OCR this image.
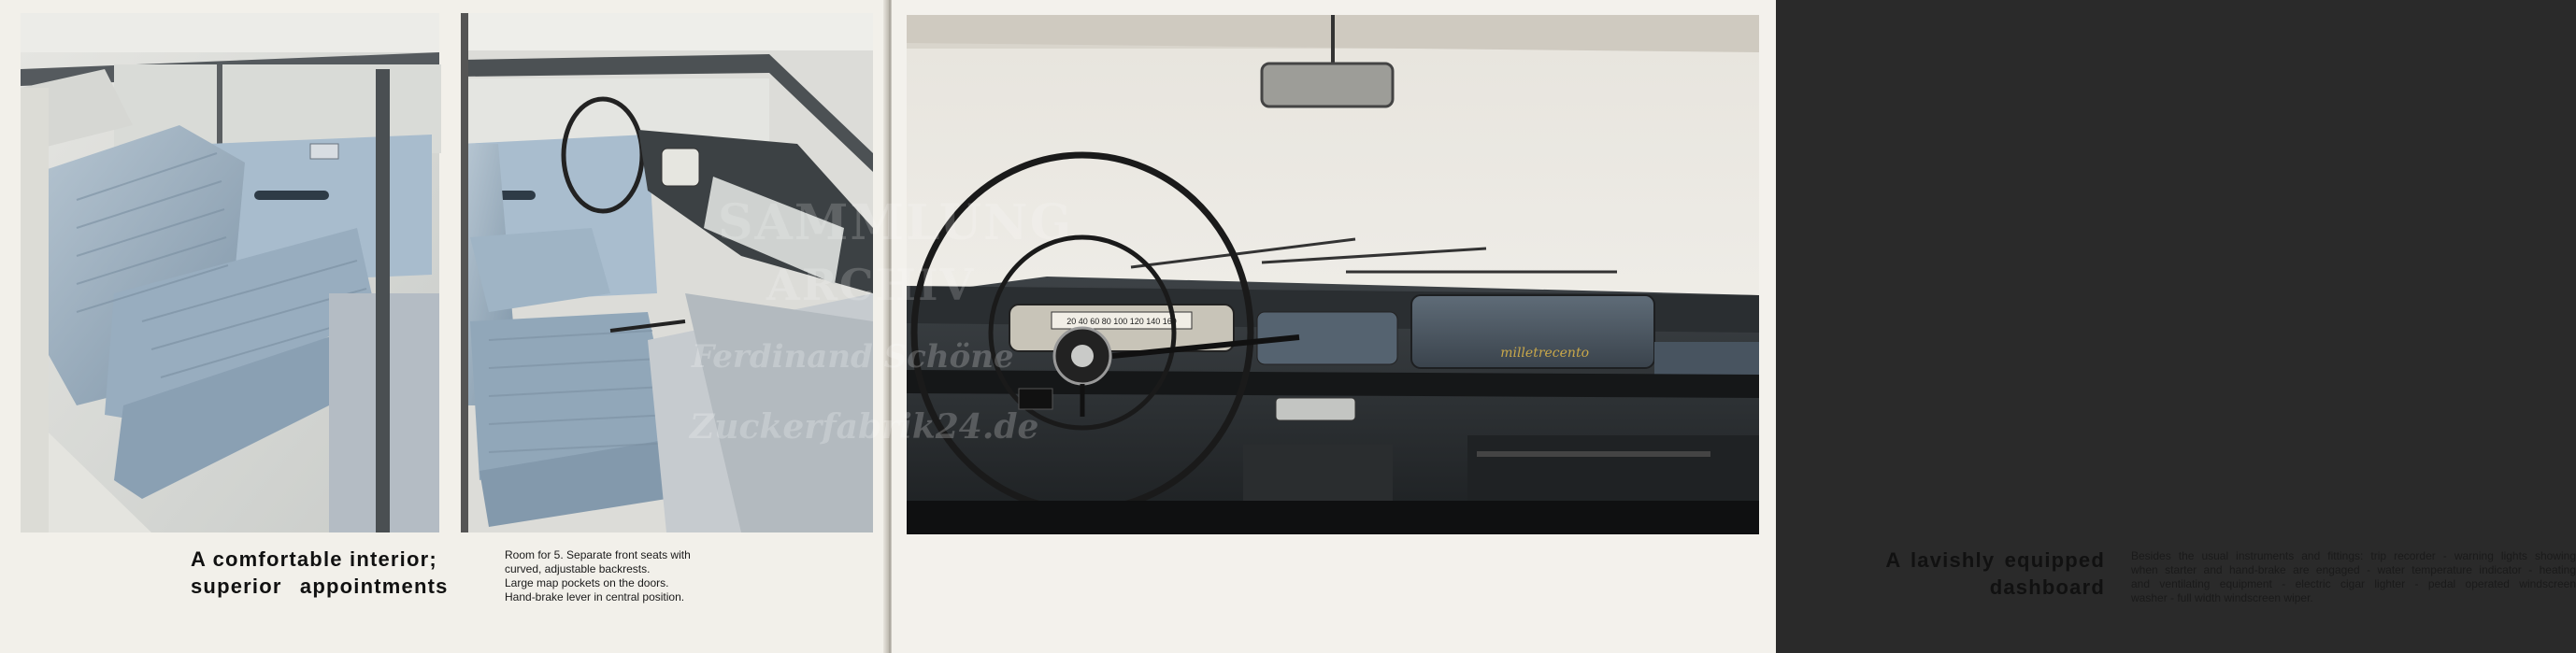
A comfortable interior;
superior appointments
Room for 5. Separate front seats with
curved, adjustable backrests.
Large map pockets on the doors.
Hand-brake lever in central position.
A lavishly equipped
dashboard
Besides the usual instruments and fittings: trip recorder - warning lights showing
when starter and hand-brake are engaged - water temperature indicator - heating
and ventilating equipment - electric cigar lighter - pedal operated windscreen
washer - full width windscreen wiper.
20 40 60 80 100 120 140 160
milletrecento
Ferdinand Schöne
Zuckerfabrik24.de
